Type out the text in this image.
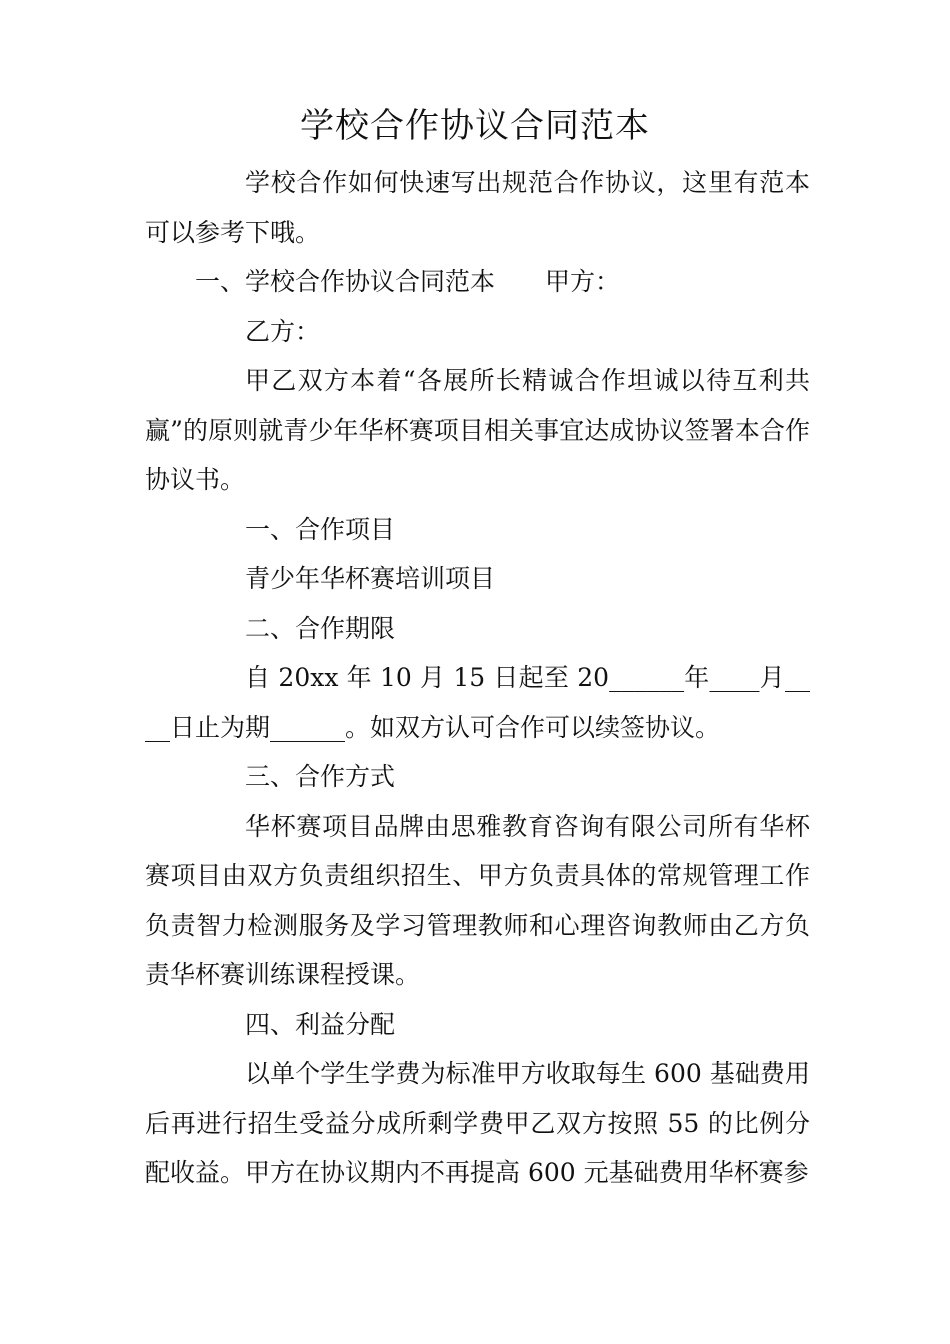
学校合作协议合同范本

学校合作如何快速写出规范合作协议，这里有范本可以参考下哦。

一、学校合作协议合同范本 甲方：

乙方：

甲乙双方本着“各展所长精诚合作坦诚以待互利共赢”的原则就青少年华杯赛项目相关事宜达成协议签署本合作协议书。

一、合作项目

青少年华杯赛培训项目

二、合作期限

自 20xx 年 10 月 15 日起至 20______年____月____日止为期______。如双方认可合作可以续签协议。

三、合作方式

华杯赛项目品牌由思雅教育咨询有限公司所有华杯赛项目由双方负责组织招生、甲方负责具体的常规管理工作负责智力检测服务及学习管理教师和心理咨询教师由乙方负责华杯赛训练课程授课。

四、利益分配

以单个学生学费为标准甲方收取每生 600 基础费用后再进行招生受益分成所剩学费甲乙双方按照 55 的比例分配收益。甲方在协议期内不再提高 600 元基础费用华杯赛参
